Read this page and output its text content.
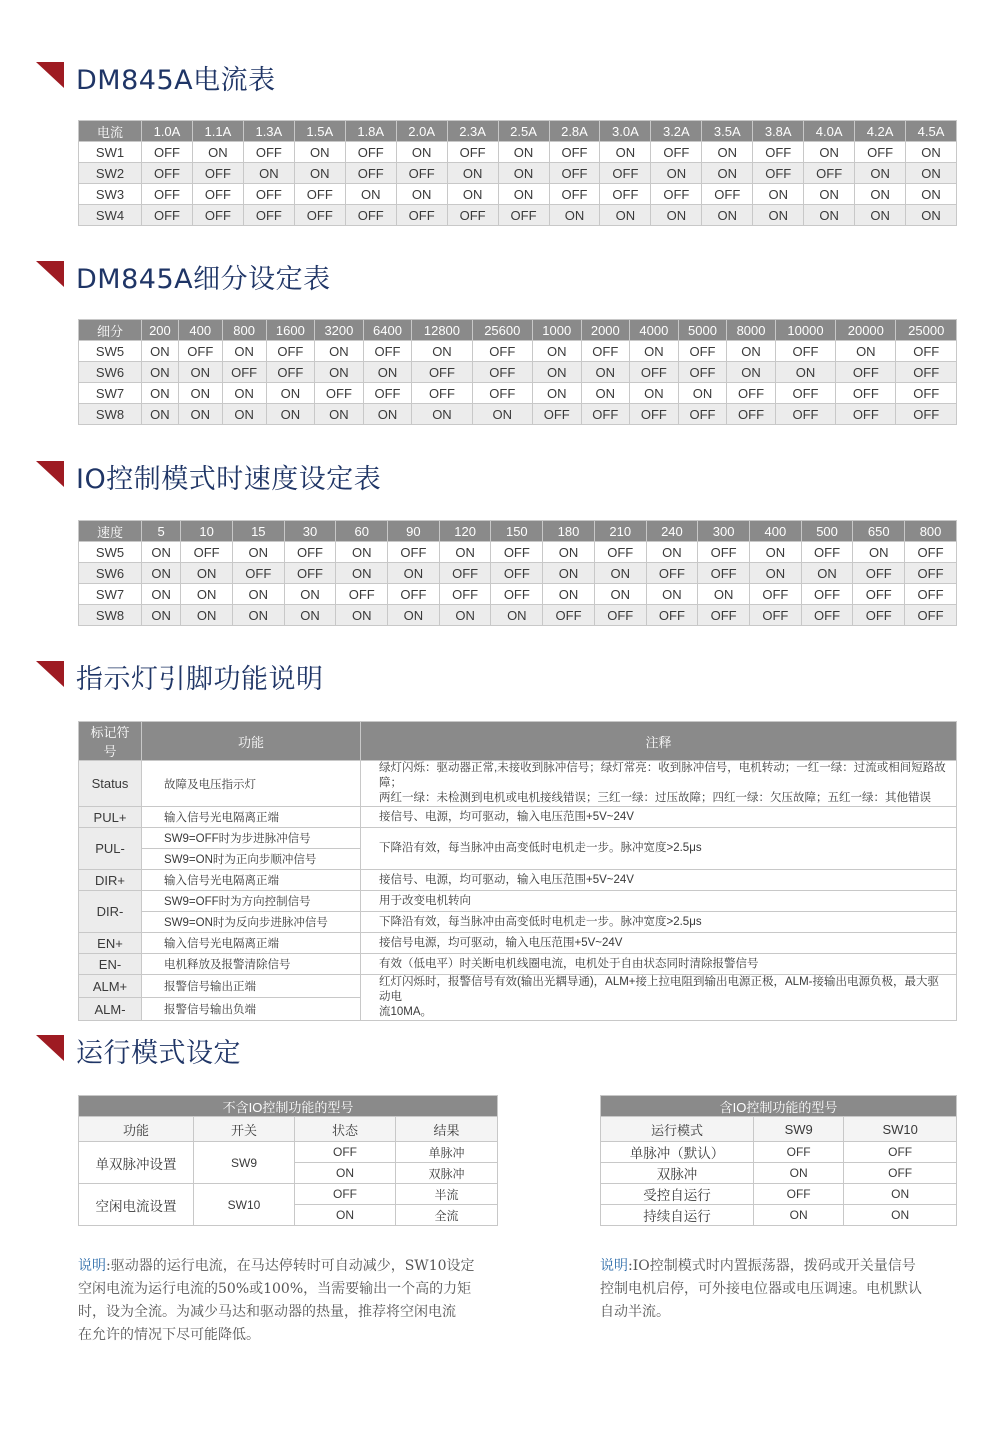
DM845A电流表
DM845A细分设定表
IO控制模式时速度设定表
指示灯引脚功能说明
运行模式设定
电流	1.0A	1.1A	1.3A	1.5A	1.8A	2.0A	2.3A	2.5A	2.8A	3.0A	3.2A	3.5A	3.8A	4.0A	4.2A	4.5A
SW1	OFF	ON	OFF	ON	OFF	ON	OFF	ON	OFF	ON	OFF	ON	OFF	ON	OFF	ON
SW2	OFF	OFF	ON	ON	OFF	OFF	ON	ON	OFF	OFF	ON	ON	OFF	OFF	ON	ON
SW3	OFF	OFF	OFF	OFF	ON	ON	ON	ON	OFF	OFF	OFF	OFF	ON	ON	ON	ON
SW4	OFF	OFF	OFF	OFF	OFF	OFF	OFF	OFF	ON	ON	ON	ON	ON	ON	ON	ON
细分	200	400	800	1600	3200	6400	12800	25600	1000	2000	4000	5000	8000	10000	20000	25000
SW5	ON	OFF	ON	OFF	ON	OFF	ON	OFF	ON	OFF	ON	OFF	ON	OFF	ON	OFF
SW6	ON	ON	OFF	OFF	ON	ON	OFF	OFF	ON	ON	OFF	OFF	ON	ON	OFF	OFF
SW7	ON	ON	ON	ON	OFF	OFF	OFF	OFF	ON	ON	ON	ON	OFF	OFF	OFF	OFF
SW8	ON	ON	ON	ON	ON	ON	ON	ON	OFF	OFF	OFF	OFF	OFF	OFF	OFF	OFF
速度	5	10	15	30	60	90	120	150	180	210	240	300	400	500	650	800
SW5	ON	OFF	ON	OFF	ON	OFF	ON	OFF	ON	OFF	ON	OFF	ON	OFF	ON	OFF
SW6	ON	ON	OFF	OFF	ON	ON	OFF	OFF	ON	ON	OFF	OFF	ON	ON	OFF	OFF
SW7	ON	ON	ON	ON	OFF	OFF	OFF	OFF	ON	ON	ON	ON	OFF	OFF	OFF	OFF
SW8	ON	ON	ON	ON	ON	ON	ON	ON	OFF	OFF	OFF	OFF	OFF	OFF	OFF	OFF
标记符号	功能	注释
Status	故障及电压指示灯	绿灯闪烁：驱动器正常,未接收到脉冲信号；绿灯常亮：收到脉冲信号，电机转动；一红一绿：过流或相间短路故障；
两红一绿：未检测到电机或电机接线错误；三红一绿：过压故障；四红一绿：欠压故障；五红一绿：其他错误

PUL+	输入信号光电隔离正端	接信号、电源，均可驱动，输入电压范围+5V~24V
PUL-	SW9=OFF时为步进脉冲信号	下降沿有效，每当脉冲由高变低时电机走一步。脉冲宽度>2.5μs
	SW9=ON时为正向步顺冲信号	
DIR+	输入信号光电隔离正端	接信号、电源，均可驱动，输入电压范围+5V~24V
DIR-	SW9=OFF时为方向控制信号	用于改变电机转向
	SW9=ON时为反向步进脉冲信号	下降沿有效，每当脉冲由高变低时电机走一步。脉冲宽度>2.5μs
EN+	输入信号光电隔离正端	接信号电源，均可驱动，输入电压范围+5V~24V
EN-	电机释放及报警清除信号	有效（低电平）时关断电机线圈电流，电机处于自由状态同时清除报警信号
ALM+	报警信号输出正端	红灯闪烁时，报警信号有效(输出光耦导通)，ALM+接上拉电阻到输出电源正极，ALM-接输出电源负极，最大驱动电
流10MA。

ALM-	报警信号输出负端	
不含IO控制功能的型号			
功能	开关	状态	结果
单双脉冲设置	SW9	OFF	单脉冲
		ON	双脉冲
空闲电流设置	SW10	OFF	半流
		ON	全流
含IO控制功能的型号		
运行模式	SW9	SW10
单脉冲（默认）	OFF	OFF
双脉冲	ON	OFF
受控自运行	OFF	ON
持续自运行	ON	ON
说明:驱动器的运行电流，在马达停转时可自动减少，SW10设定
空闲电流为运行电流的50%或100%，当需要输出一个高的力矩
时，设为全流。为减少马达和驱动器的热量，推荐将空闲电流
在允许的情况下尽可能降低。
说明:IO控制模式时内置振荡器，拨码或开关量信号
控制电机启停，可外接电位器或电压调速。电机默认
自动半流。
